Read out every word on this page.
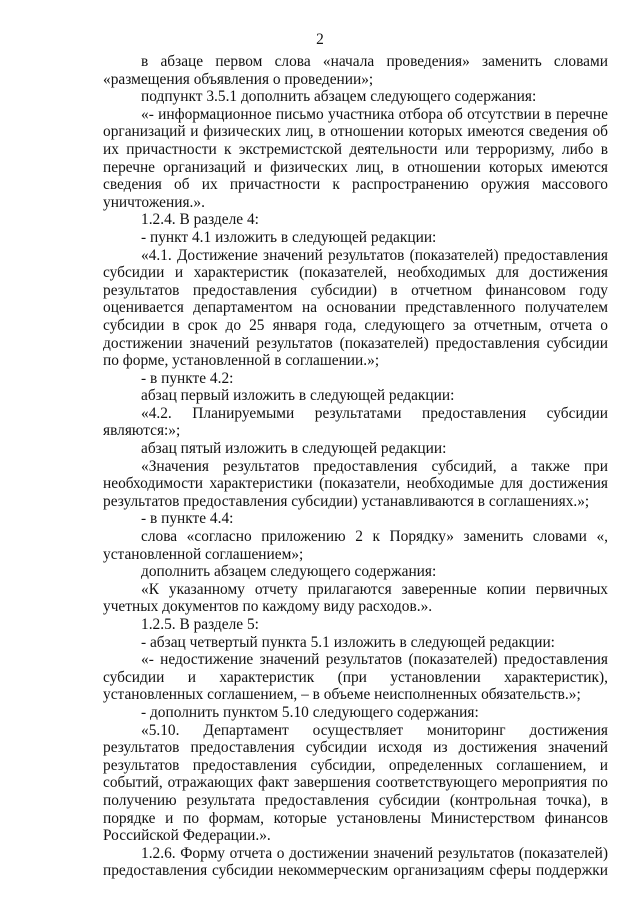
2

в абзаце первом слова «начала проведения» заменить словами «размещения объявления о проведении»;

подпункт 3.5.1 дополнить абзацем следующего содержания:

«- информационное письмо участника отбора об отсутствии в перечне организаций и физических лиц, в отношении которых имеются сведения об их причастности к экстремистской деятельности или терроризму, либо в перечне организаций и физических лиц, в отношении которых имеются сведения об их причастности к распространению оружия массового уничтожения.».

1.2.4. В разделе 4:

- пункт 4.1 изложить в следующей редакции:

«4.1. Достижение значений результатов (показателей) предоставления субсидии и характеристик (показателей, необходимых для достижения результатов предоставления субсидии) в отчетном финансовом году оценивается департаментом на основании представленного получателем субсидии в срок до 25 января года, следующего за отчетным, отчета о достижении значений результатов (показателей) предоставления субсидии по форме, установленной в соглашении.»;

- в пункте 4.2:

абзац первый изложить в следующей редакции:

«4.2. Планируемыми результатами предоставления субсидии являются:»;

абзац пятый изложить в следующей редакции:

«Значения результатов предоставления субсидий, а также при необходимости характеристики (показатели, необходимые для достижения результатов предоставления субсидии) устанавливаются в соглашениях.»;

- в пункте 4.4:

слова «согласно приложению 2 к Порядку» заменить словами «, установленной соглашением»;

дополнить абзацем следующего содержания:

«К указанному отчету прилагаются заверенные копии первичных учетных документов по каждому виду расходов.».

1.2.5. В разделе 5:

- абзац четвертый пункта 5.1 изложить в следующей редакции:

«- недостижение значений результатов (показателей) предоставления субсидии и характеристик (при установлении характеристик), установленных соглашением, – в объеме неисполненных обязательств.»;

- дополнить пунктом 5.10 следующего содержания:

«5.10. Департамент осуществляет мониторинг достижения результатов предоставления субсидии исходя из достижения значений результатов предоставления субсидии, определенных соглашением, и событий, отражающих факт завершения соответствующего мероприятия по получению результата предоставления субсидии (контрольная точка), в порядке и по формам, которые установлены Министерством финансов Российской Федерации.».

1.2.6. Форму отчета о достижении значений результатов (показателей) предоставления субсидии некоммерческим организациям сферы поддержки
